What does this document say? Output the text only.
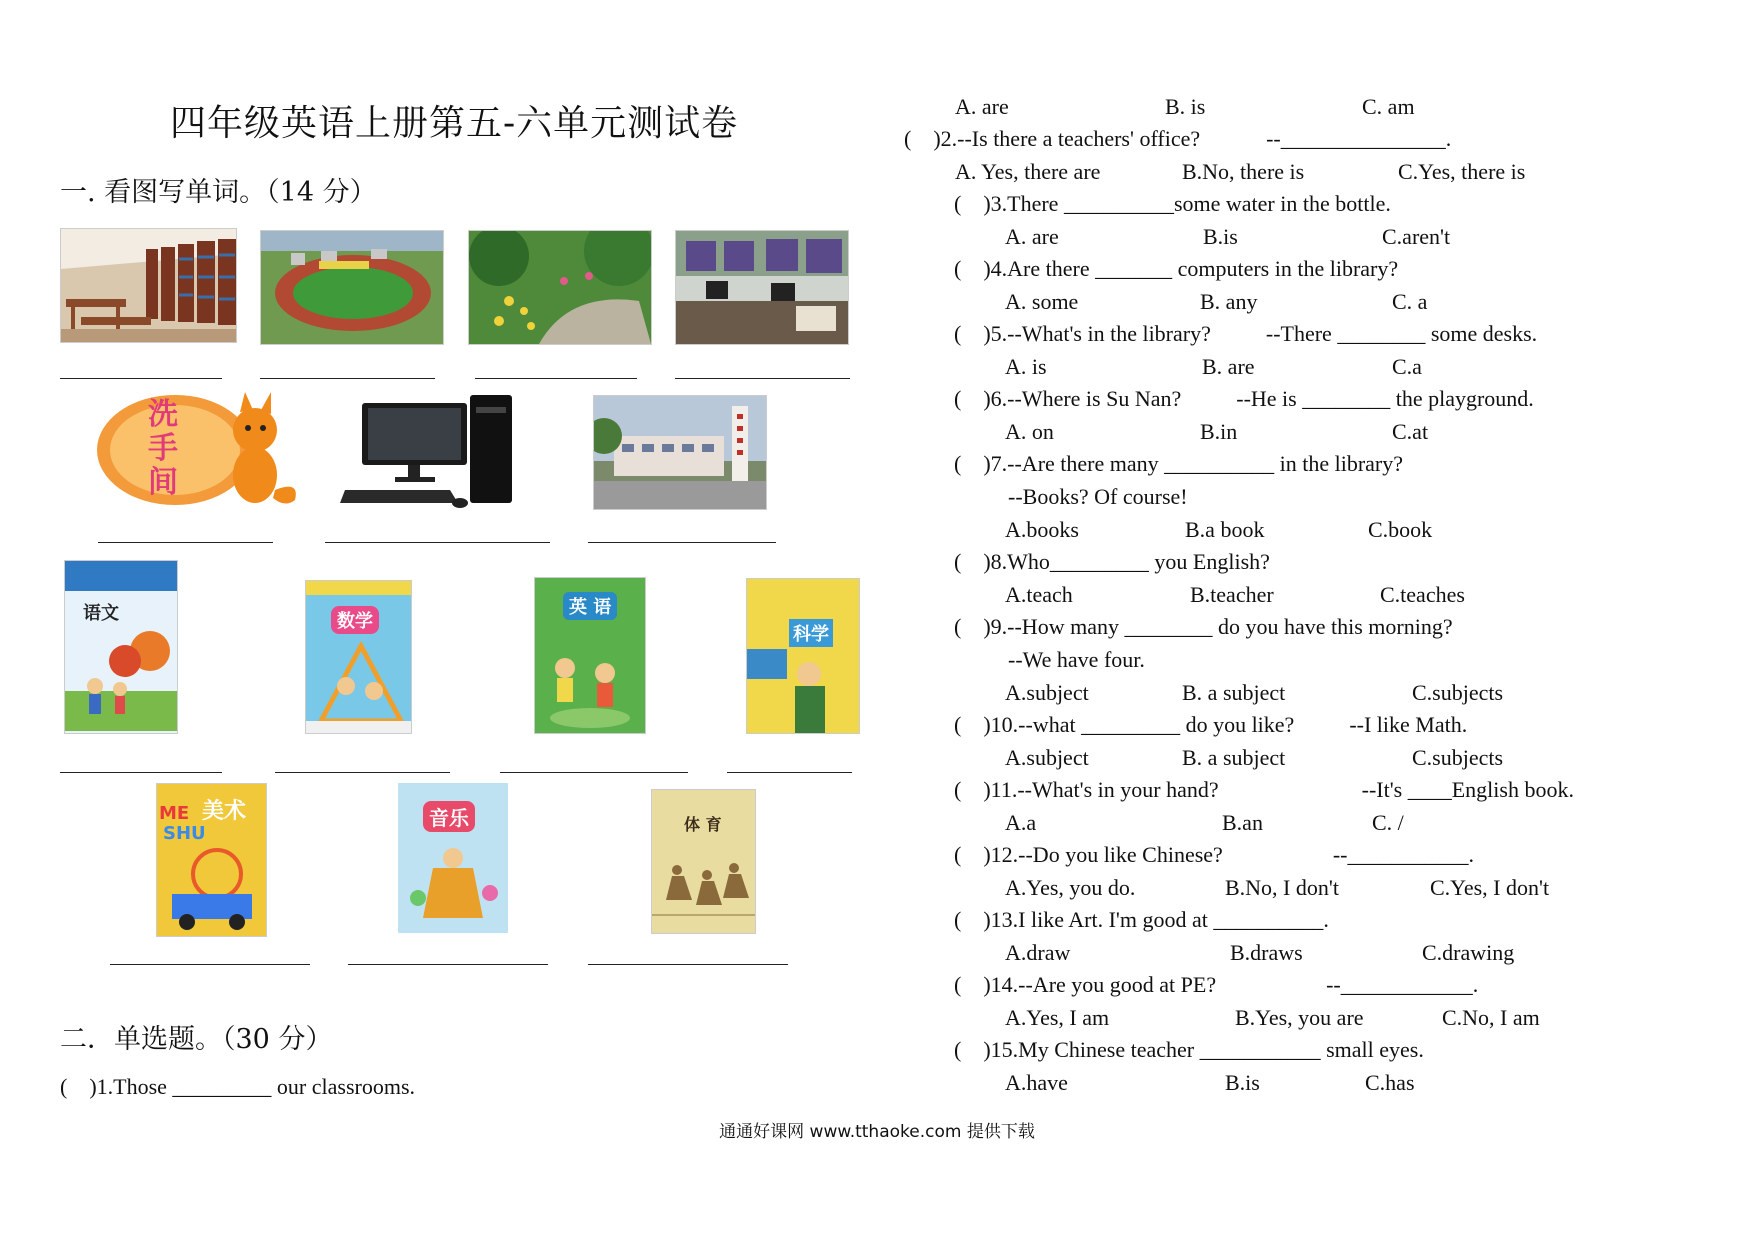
四年级英语上册第五-六单元测试卷
一. 看图写单词。（14 分）
洗手间
语文	数学
英 语
科学
美术
ME
SHU
音乐	体 育
二．单选题。（30 分）
(    )1.Those _________ our classrooms.
A. are	B. is	C. am
(    )2.--Is there a teachers' office?            --_______________.
A. Yes, there are	B.No, there is	C.Yes, there is
(    )3.There __________some water in the bottle.
A. are	B.is	C.aren't
(    )4.Are there _______ computers in the library?
A. some	B. any	C. a
(    )5.--What's in the library?          --There ________ some desks.
A. is	B. are	C.a
(    )6.--Where is Su Nan?          --He is ________ the playground.
A. on	B.in	C.at
(    )7.--Are there many __________ in the library?
--Books? Of course!
A.books	B.a book	C.book
(    )8.Who_________ you English?
A.teach	B.teacher	C.teaches
(    )9.--How many ________ do you have this morning?
--We have four.
A.subject	B. a subject	C.subjects
(    )10.--what _________ do you like?          --I like Math.
A.subject	B. a subject	C.subjects
(    )11.--What's in your hand?                          --It's ____English book.
A.a	B.an	C. /
(    )12.--Do you like Chinese?                    --___________.
A.Yes, you do.	B.No, I don't	C.Yes, I don't
(    )13.I like Art. I'm good at __________.
A.draw	B.draws	C.drawing
(    )14.--Are you good at PE?                    --____________.
A.Yes, I am	B.Yes, you are	C.No, I am
(    )15.My Chinese teacher ___________ small eyes.
A.have	B.is	C.has
通通好课网 www.tthaoke.com 提供下载
